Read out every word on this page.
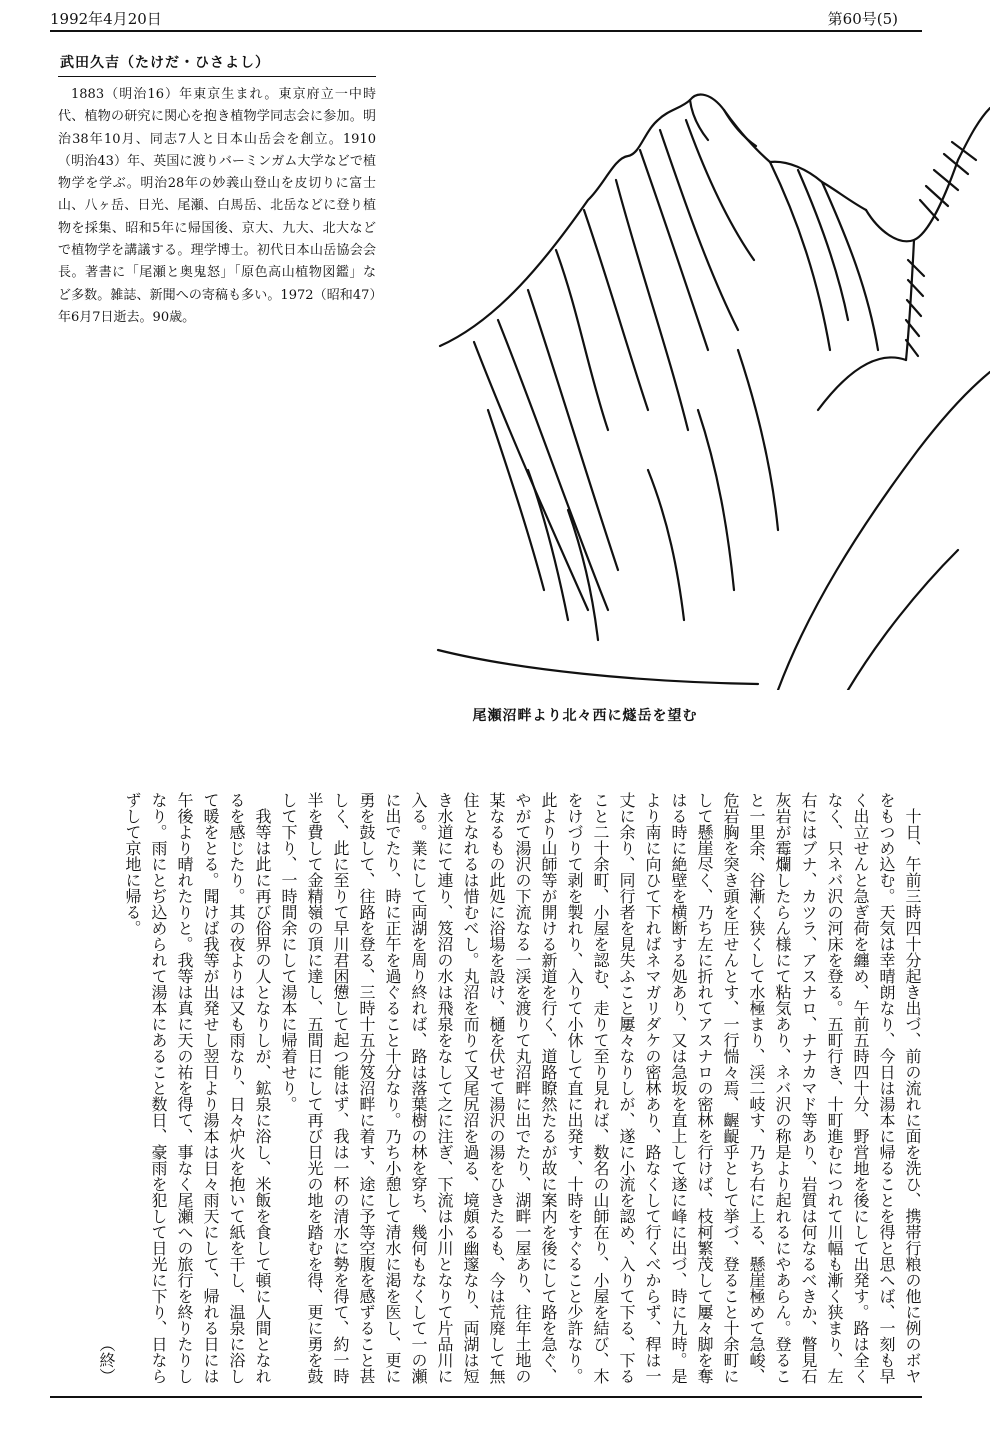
1992年4月20日	第60号(5)
武田久吉（たけだ・ひさよし）
1883（明治16）年東京生まれ。東京府立一中時代、植物の研究に関心を抱き植物学同志会に参加。明治38年10月、同志7人と日本山岳会を創立。1910（明治43）年、英国に渡りバーミンガム大学などで植物学を学ぶ。明治28年の妙義山登山を皮切りに富士山、八ヶ岳、日光、尾瀬、白馬岳、北岳などに登り植物を採集、昭和5年に帰国後、京大、九大、北大などで植物学を講議する。理学博士。初代日本山岳協会会長。著書に「尾瀬と奥鬼怒」「原色高山植物図鑑」など多数。雑誌、新聞への寄稿も多い。1972（昭和47）年6月7日逝去。90歳。
尾瀬沼畔より北々西に燧岳を望む

十日、午前三時四十分起き出づ、前の流れに面を洗ひ、携帯行粮の他に例のボヤをもつめ込む。天気は幸晴朗なり、今日は湯本に帰ることを得と思へば、一刻も早く出立せんと急ぎ荷を纏め、午前五時四十分、野営地を後にして出発す。路は全くなく、只ネバ沢の河床を登る。五町行き、十町進むにつれて川幅も漸く狭まり、左右にはブナ、カツラ、アスナロ、ナナカマド等あり、岩質は何なるべきか、瞥見石灰岩が霉爛したらん様にて粘気あり、ネバ沢の称是より起れるにやあらん。登ること一里余、谷漸く狭くして水極まり、渓二岐す、乃ち右に上る、懸崖極めて急峻、危岩胸を突き頭を圧せんとす、一行惴々焉、齷齪乎として挙づ、登ること十余町にして懸崖尽く、乃ち左に折れてアスナロの密林を行けば、枝柯繁茂して屢々脚を奪はる時に絶壁を横断する処あり、又は急坂を直上して遂に峰に出づ、時に九時。是より南に向ひて下ればネマガリダケの密林あり、路なくして行くべからず、稈は一丈に余り、同行者を見失ふこと屢々なりしが、遂に小流を認め、入りて下る、下ること二十余町、小屋を認む、走りて至り見れば、数名の山師在り、小屋を結び、木をけづりて剥を製れり、入りて小休して直に出発す、十時をすぐること少許なり。此より山師等が開ける新道を行く、道路瞭然たるが故に案内を後にして路を急ぐ、やがて湯沢の下流なる一渓を渡りて丸沼畔に出でたり、湖畔一屋あり、往年土地の某なるもの此処に浴場を設け、樋を伏せて湯沢の湯をひきたるも、今は荒廃して無住となれるは惜むべし。丸沼を而りて又尾尻沼を過る、境頗る幽邃なり、両湖は短き水道にて連り、笈沼の水は飛泉をなして之に注ぎ、下流は小川となりて片品川に入る。業にして両湖を周り終れば、路は落葉樹の林を穿ち、幾何もなくして一の瀬に出でたり、時に正午を過ぐること十分なり。乃ち小憩して清水に渇を医し、更に勇を鼓して、往路を登る、三時十五分笈沼畔に着す、途に予等空腹を感ずること甚しく、此に至りて早川君困憊して起つ能はず、我は一杯の清水に勢を得て、約一時半を費して金精嶺の頂に達し、五間日にして再び日光の地を踏むを得、更に勇を鼓して下り、一時間余にして湯本に帰着せり。

我等は此に再び俗界の人となりしが、鉱泉に浴し、米飯を食して頓に人間となれるを感じたり。其の夜よりは又も雨なり、日々炉火を抱いて紙を干し、温泉に浴して暖をとる。聞けば我等が出発せし翌日より湯本は日々雨天にして、帰れる日には午後より晴れたりと。我等は真に天の祐を得て、事なく尾瀬への旅行を終りたりしなり。雨にとぢ込められて湯本にあること数日、豪雨を犯して日光に下り、日ならずして京地に帰る。

（終）
